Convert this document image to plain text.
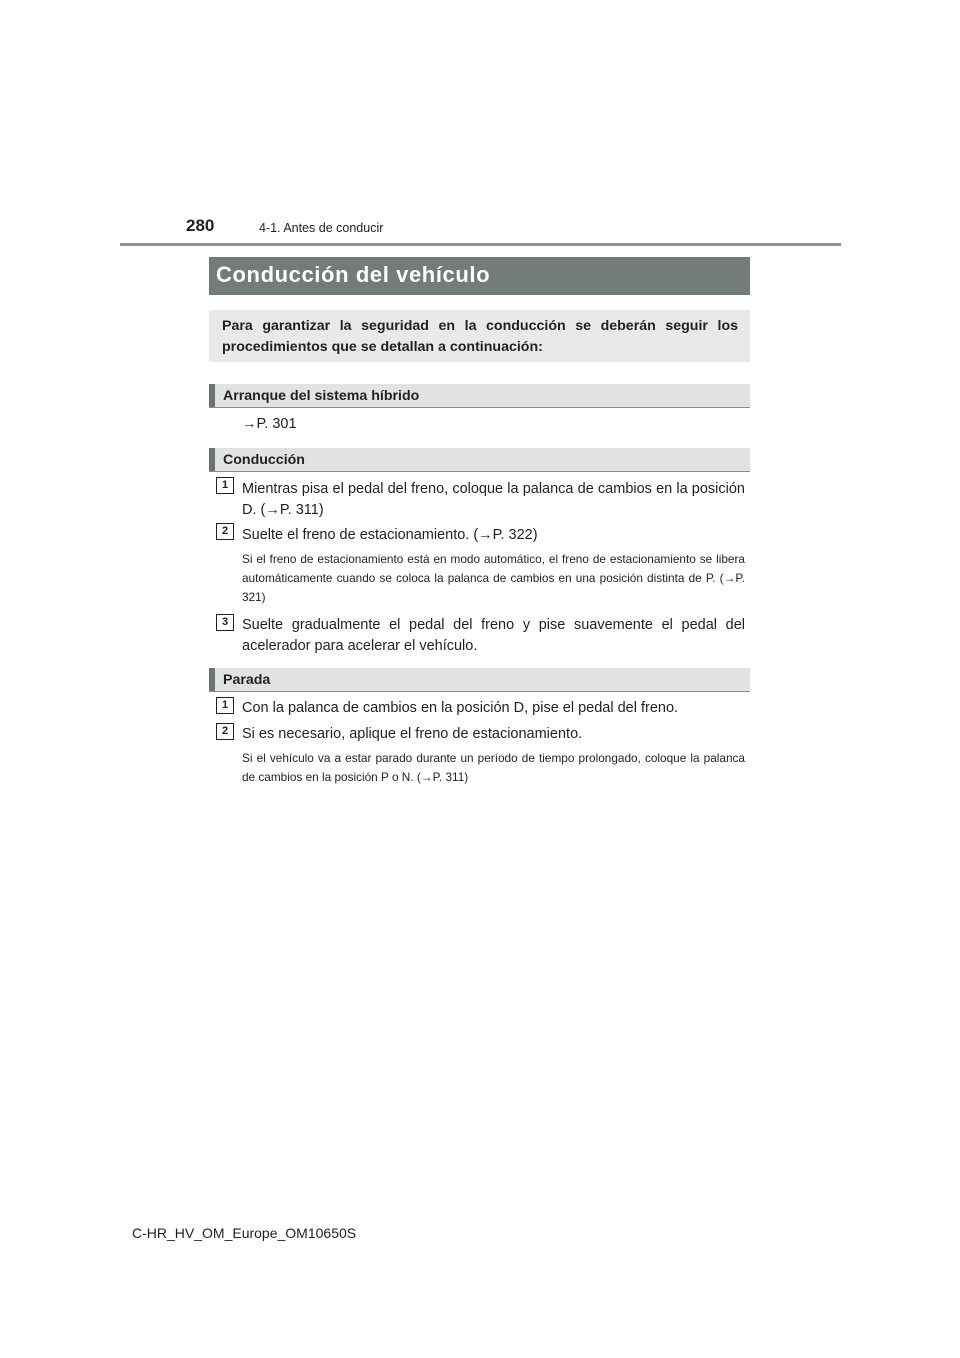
280	4-1. Antes de conducir
Conducción del vehículo
Para garantizar la seguridad en la conducción se deberán seguir los procedimientos que se detallan a continuación:
Arranque del sistema híbrido
→P. 301
Conducción
1 Mientras pisa el pedal del freno, coloque la palanca de cambios en la posición D. (→P. 311)
2 Suelte el freno de estacionamiento. (→P. 322)
Si el freno de estacionamiento está en modo automático, el freno de estacionamiento se libera automáticamente cuando se coloca la palanca de cambios en una posición distinta de P. (→P. 321)
3 Suelte gradualmente el pedal del freno y pise suavemente el pedal del acelerador para acelerar el vehículo.
Parada
1 Con la palanca de cambios en la posición D, pise el pedal del freno.
2 Si es necesario, aplique el freno de estacionamiento.
Si el vehículo va a estar parado durante un período de tiempo prolongado, coloque la palanca de cambios en la posición P o N. (→P. 311)
C-HR_HV_OM_Europe_OM10650S
